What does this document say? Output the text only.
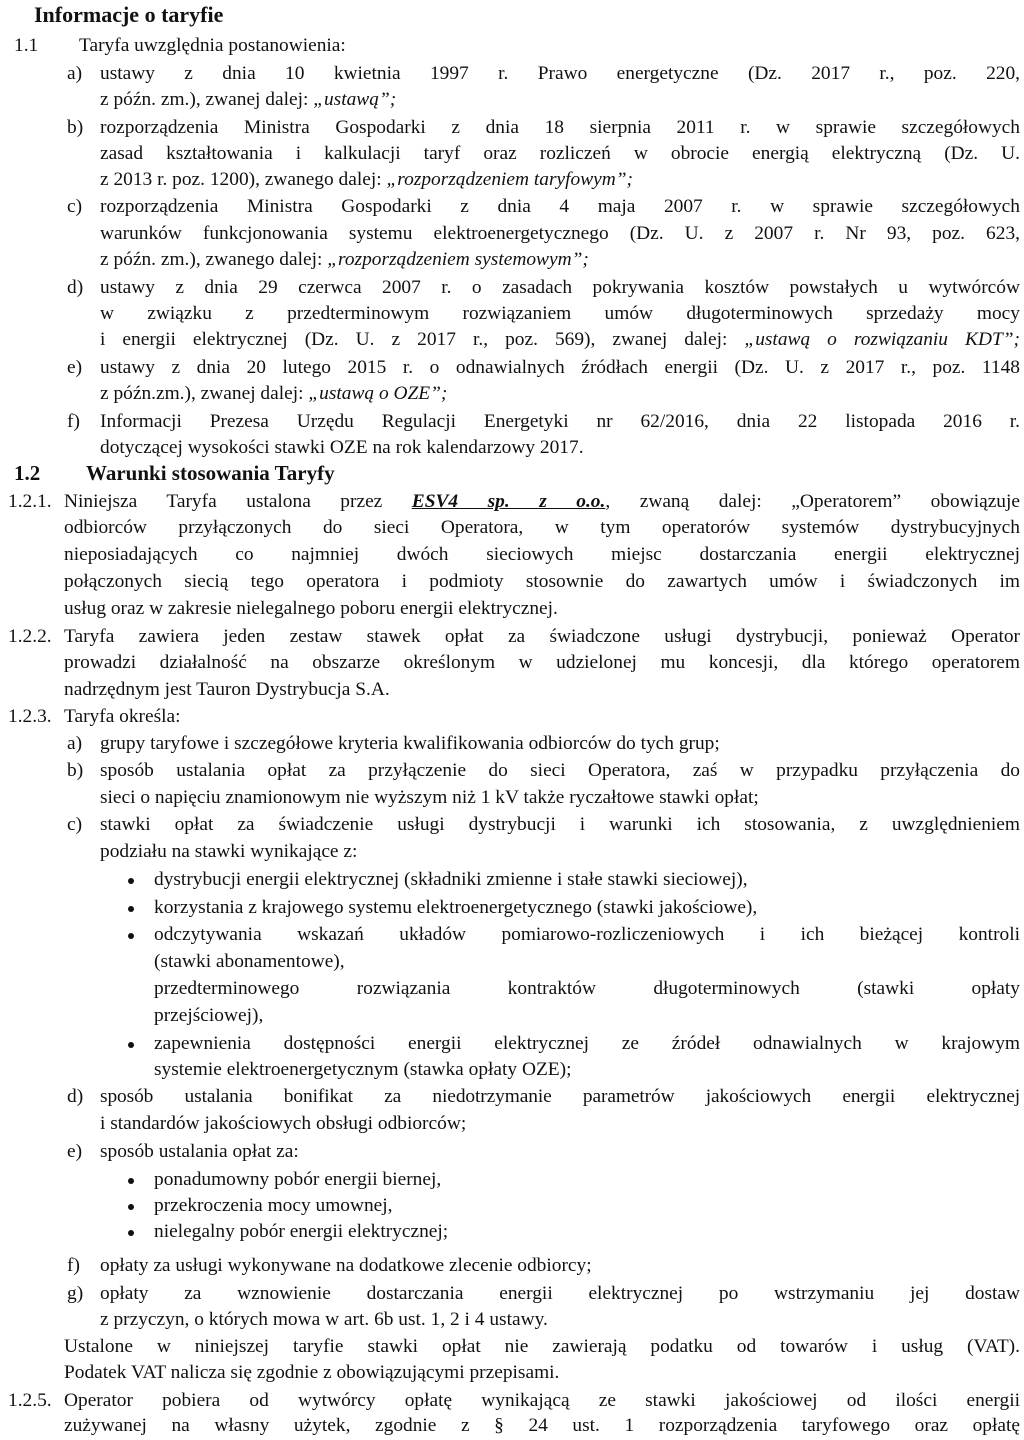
Informacje o taryfie
1.1 Taryfa uwzględnia postanowienia:
a) ustawy z dnia 10 kwietnia 1997 r. Prawo energetyczne (Dz. 2017 r., poz. 220,
z późn. zm.), zwanej dalej: „ustawą”;
b) rozporządzenia Ministra Gospodarki z dnia 18 sierpnia 2011 r. w sprawie szczegółowych
zasad kształtowania i kalkulacji taryf oraz rozliczeń w obrocie energią elektryczną (Dz. U.
z 2013 r. poz. 1200), zwanego dalej: „rozporządzeniem taryfowym”;
c) rozporządzenia Ministra Gospodarki z dnia 4 maja 2007 r. w sprawie szczegółowych
warunków funkcjonowania systemu elektroenergetycznego (Dz. U. z 2007 r. Nr 93, poz. 623,
z późn. zm.), zwanego dalej: „rozporządzeniem systemowym”;
d) ustawy z dnia 29 czerwca 2007 r. o zasadach pokrywania kosztów powstałych u wytwórców
w związku z przedterminowym rozwiązaniem umów długoterminowych sprzedaży mocy
i energii elektrycznej (Dz. U. z 2017 r., poz. 569), zwanej dalej: „ustawą o rozwiązaniu KDT”;
e) ustawy z dnia 20 lutego 2015 r. o odnawialnych źródłach energii (Dz. U. z 2017 r., poz. 1148
z późn.zm.), zwanej dalej: „ustawą o OZE”;
f) Informacji Prezesa Urzędu Regulacji Energetyki nr 62/2016, dnia 22 listopada 2016 r.
dotyczącej wysokości stawki OZE na rok kalendarzowy 2017.
1.2 Warunki stosowania Taryfy
1.2.1. Niniejsza Taryfa ustalona przez ESV4 sp. z o.o., zwaną dalej: „Operatorem” obowiązuje
odbiorców przyłączonych do sieci Operatora, w tym operatorów systemów dystrybucyjnych
nieposiadających co najmniej dwóch sieciowych miejsc dostarczania energii elektrycznej
połączonych siecią tego operatora i podmioty stosownie do zawartych umów i świadczonych im
usług oraz w zakresie nielegalnego poboru energii elektrycznej.
1.2.2. Taryfa zawiera jeden zestaw stawek opłat za świadczone usługi dystrybucji, ponieważ Operator
prowadzi działalność na obszarze określonym w udzielonej mu koncesji, dla którego operatorem
nadrzędnym jest Tauron Dystrybucja S.A.
1.2.3. Taryfa określa:
a) grupy taryfowe i szczegółowe kryteria kwalifikowania odbiorców do tych grup;
b) sposób ustalania opłat za przyłączenie do sieci Operatora, zaś w przypadku przyłączenia do
sieci o napięciu znamionowym nie wyższym niż 1 kV także ryczałtowe stawki opłat;
c) stawki opłat za świadczenie usługi dystrybucji i warunki ich stosowania, z uwzględnieniem
podziału na stawki wynikające z:
dystrybucji energii elektrycznej (składniki zmienne i stałe stawki sieciowej),
korzystania z krajowego systemu elektroenergetycznego (stawki jakościowe),
odczytywania wskazań układów pomiarowo-rozliczeniowych i ich bieżącej kontroli
(stawki abonamentowe),
przedterminowego rozwiązania kontraktów długoterminowych (stawki opłaty
przejściowej),
zapewnienia dostępności energii elektrycznej ze źródeł odnawialnych w krajowym
systemie elektroenergetycznym (stawka opłaty OZE);
d) sposób ustalania bonifikat za niedotrzymanie parametrów jakościowych energii elektrycznej
i standardów jakościowych obsługi odbiorców;
e) sposób ustalania opłat za:
ponadumowny pobór energii biernej,
przekroczenia mocy umownej,
nielegalny pobór energii elektrycznej;
f) opłaty za usługi wykonywane na dodatkowe zlecenie odbiorcy;
g) opłaty za wznowienie dostarczania energii elektrycznej po wstrzymaniu jej dostaw
z przyczyn, o których mowa w art. 6b ust. 1, 2 i 4 ustawy.
Ustalone w niniejszej taryfie stawki opłat nie zawierają podatku od towarów i usług (VAT).
Podatek VAT nalicza się zgodnie z obowiązującymi przepisami.
1.2.5. Operator pobiera od wytwórcy opłatę wynikającą ze stawki jakościowej od ilości energii
zużywanej na własny użytek, zgodnie z § 24 ust. 1 rozporządzenia taryfowego oraz opłatę
